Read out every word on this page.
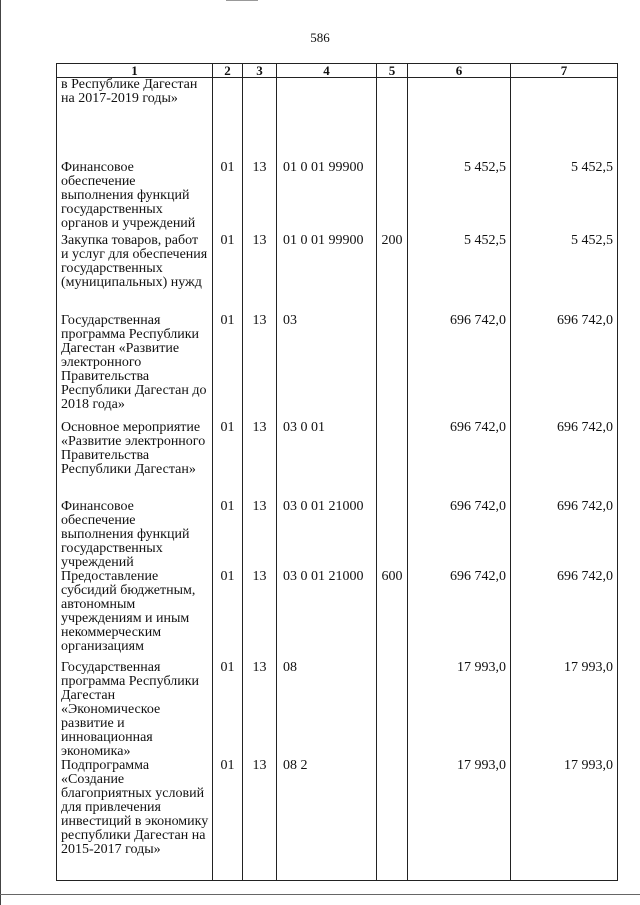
586
1	2	3	4	5	6	7
в Республике Дагестан на 2017-2019 годы»						
Финансовое обеспечение выполнения функций государственных органов и учреждений	01	13	01 0 01 99900		5 452,5	5 452,5
Закупка товаров, работ и услуг для обеспечения государственных (муниципальных) нужд	01	13	01 0 01 99900	200	5 452,5	5 452,5
Государственная программа Республики Дагестан «Развитие электронного Правительства Республики Дагестан до 2018 года»	01	13	03		696 742,0	696 742,0
Основное мероприятие «Развитие электронного Правительства Республики Дагестан»	01	13	03 0 01		696 742,0	696 742,0
Финансовое обеспечение выполнения функций государственных учреждений	01	13	03 0 01 21000		696 742,0	696 742,0
Предоставление субсидий бюджетным, автономным учреждениям и иным некоммерческим организациям	01	13	03 0 01 21000	600	696 742,0	696 742,0
Государственная программа Республики Дагестан «Экономическое развитие и инновационная экономика»	01	13	08		17 993,0	17 993,0
Подпрограмма «Создание благоприятных условий для привлечения инвестиций в экономику республики Дагестан на 2015-2017 годы»	01	13	08 2		17 993,0	17 993,0
